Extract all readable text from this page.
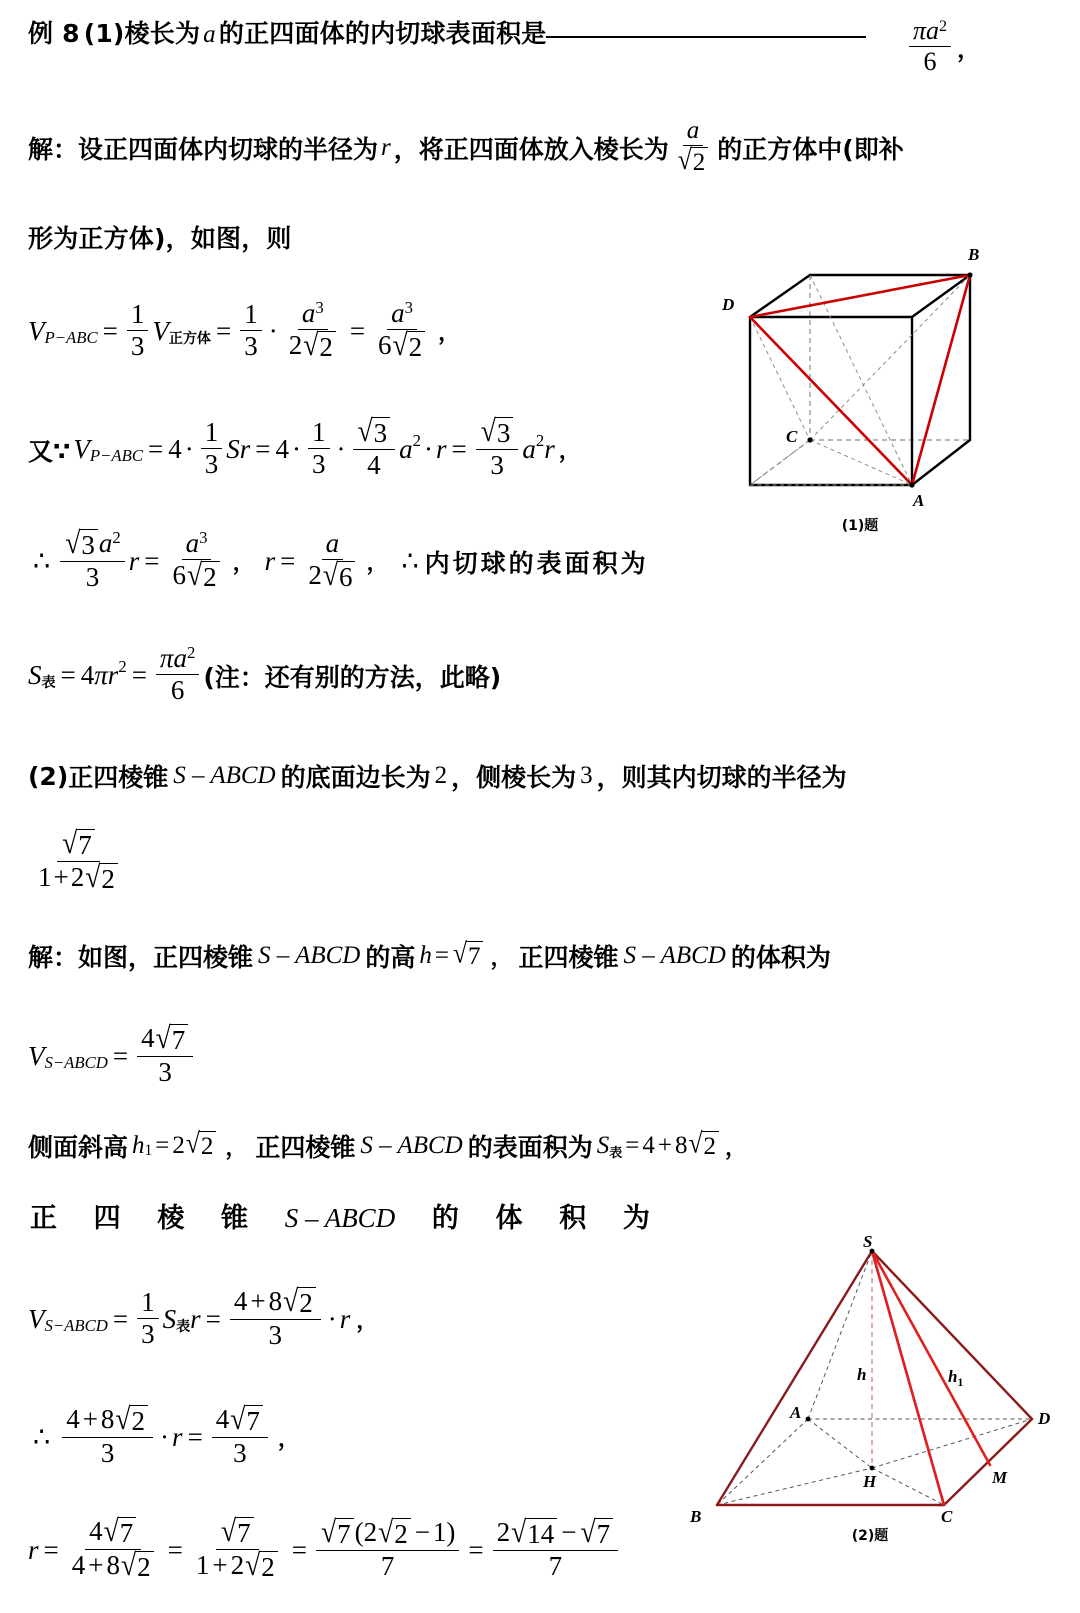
例 8 (1)棱长为 a 的正四面体的内切球表面积是	$\frac{\pi a^2}{6}$ ，
解： 设正四面体内切球的半径为 r ，将正四面体放入棱长为 $\frac{a}{√ 2}$ 的正方体中(即补
形为正方体)，如图，则
V $P-ABC = \frac{1}{3}$ V 正方体 = $\frac{1}{3} \cdot \frac{a^3}{2 √ 2} = \frac{a^3}{6 √ 2}$ ，
又∵ V $P-ABC = 4 \cdot \frac{1}{3}$ $Sr = 4 \cdot \frac{1}{3} \cdot \frac{√ 3}{4}$ a $2 \cdot r = \frac{√ 3}{3}$ a 2 r ，
∴ $\frac{√ 3 a^2}{3}$ $r = \frac{a^3}{6 √ 2}$ ， $r = \frac{a}{2 √ 6}$ ， ∴ 内切球的表面积为
S 表 = 4 π r $2 = \frac{\pi a^2}{6}$ (注：还有别的方法，此略)
B
D
C
A
(1)题
(2) 正四棱锥 S – ABCD 的底面边长为 2 ，侧棱长为 3 ，则其内切球的半径为
$\frac{√ 7}{1+2 √ 2}$
解： 如图，正四棱锥 S – ABCD 的高 h = √ 7 ， 正四棱锥 S – ABCD 的体积为
V S−ABCD = $\frac{4 √ 7}{3}$
侧面斜高 h 1 = 2 √ 2 ， 正四棱锥 S – ABCD 的表面积为 S 表 = 4 + 8 √ 2 ，
正 四 棱 锥 S – ABCD 的 体 积 为
V S−ABCD = $\frac{1}{3}$ S 表 $r = \frac{4 + 8 √ 2}{3} \cdot r$ ，
∴ $\frac{4 + 8 √ 2}{3} \cdot r = \frac{4 √ 7}{3}$ ，
$r = \frac{4 √ 7}{4 + 8 √ 2} = \frac{√ 7}{1 + 2 √ 2} = \frac{√ 7 (2 √ 2 - 1)}{7} = \frac{2 √ 14 - √ 7}{7}$
S
A
B	C
D
H	M
h	$h_1$
(2)题
